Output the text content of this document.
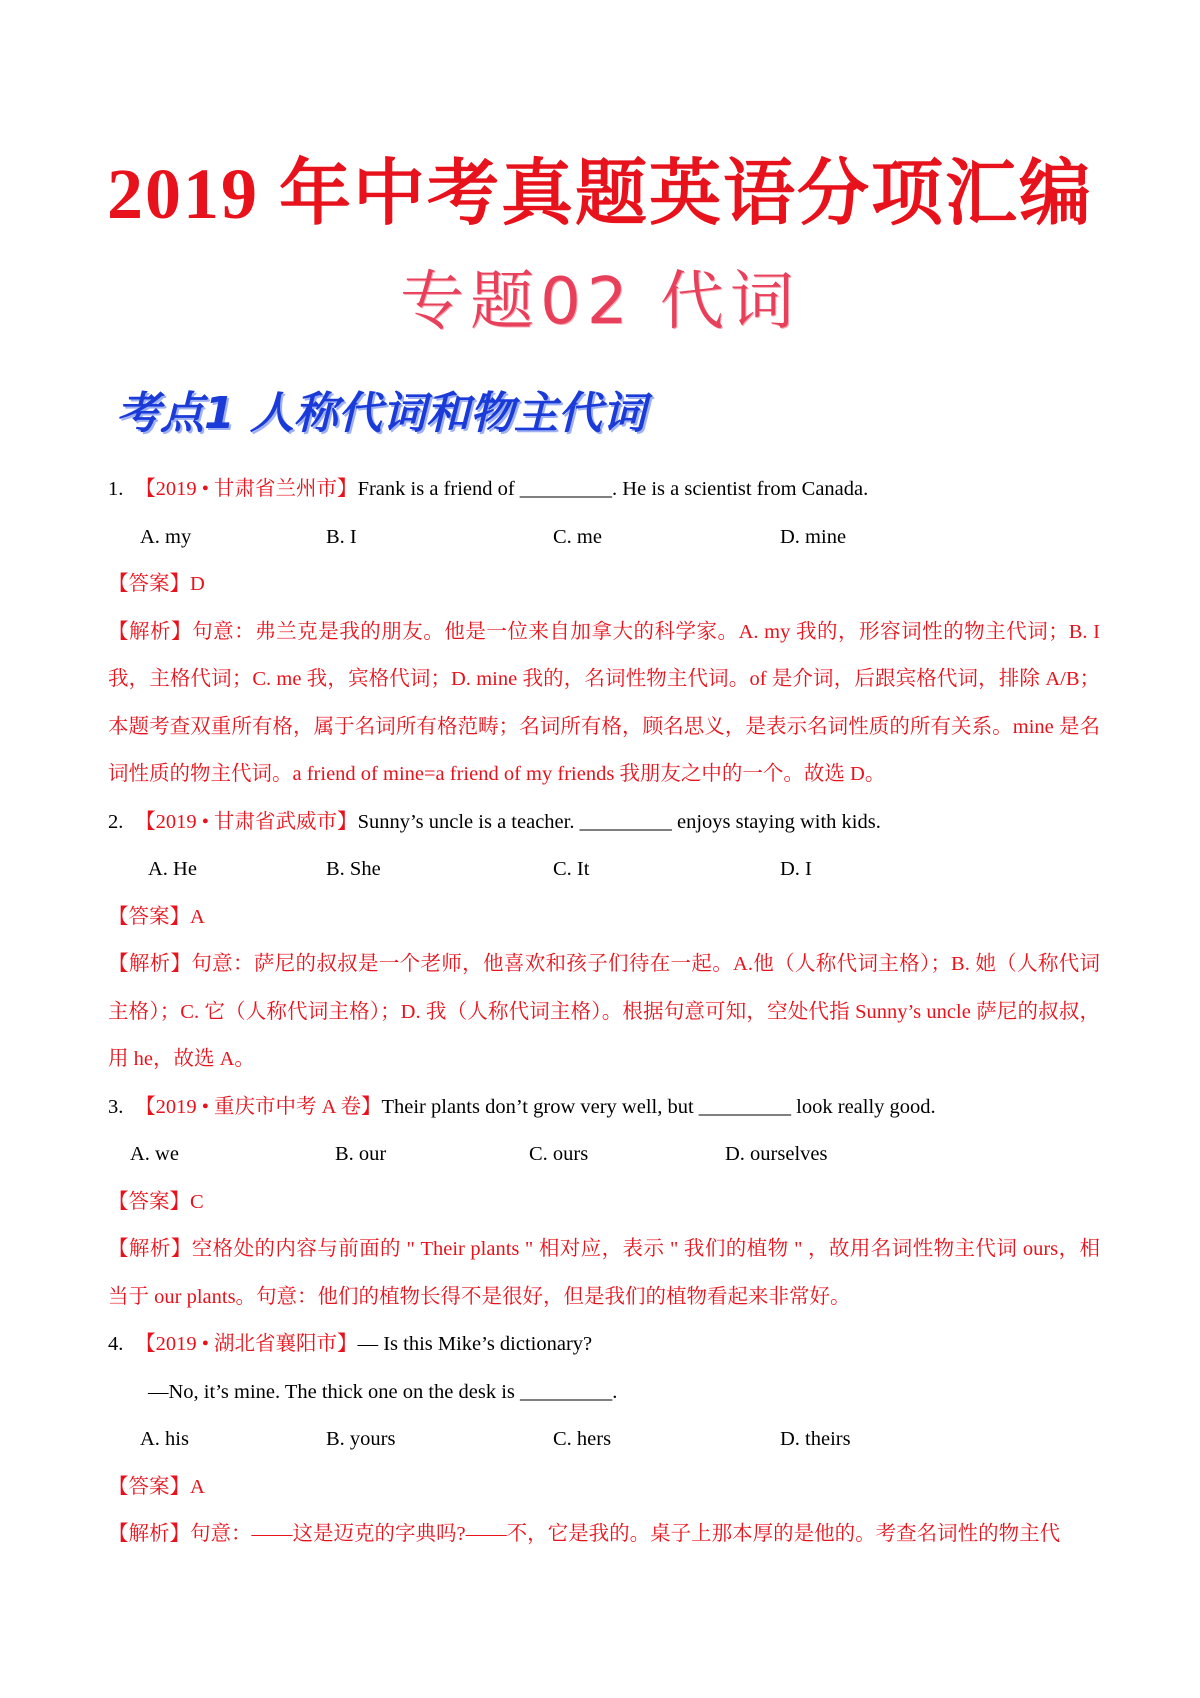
2019 年中考真题英语分项汇编
专题02 代词
考点1 人称代词和物主代词
1. 【2019 • 甘肃省兰州市】Frank is a friend of _________. He is a scientist from Canada.
A. my	B. I	C. me	D. mine
【答案】D
【解析】句意：弗兰克是我的朋友。他是一位来自加拿大的科学家。A. my 我的，形容词性的物主代词；B. I 我，主格代词；C. me 我，宾格代词；D. mine 我的，名词性物主代词。of 是介词，后跟宾格代词，排除 A/B；本题考查双重所有格，属于名词所有格范畴；名词所有格，顾名思义，是表示名词性质的所有关系。mine 是名词性质的物主代词。a friend of mine=a friend of my friends 我朋友之中的一个。故选 D。
2. 【2019 • 甘肃省武威市】Sunny’s uncle is a teacher. _________ enjoys staying with kids.
A. He	B. She	C. It	D. I
【答案】A
【解析】句意：萨尼的叔叔是一个老师，他喜欢和孩子们待在一起。A.他（人称代词主格）；B. 她（人称代词主格）；C. 它（人称代词主格）；D. 我（人称代词主格）。根据句意可知，空处代指 Sunny’s uncle 萨尼的叔叔，用 he，故选 A。
3. 【2019 • 重庆市中考 A 卷】Their plants don’t grow very well, but _________ look really good.
A. we	B. our	C. ours	D. ourselves
【答案】C
【解析】空格处的内容与前面的 " Their plants " 相对应，表示 " 我们的植物 " ，故用名词性物主代词 ours，相当于 our plants。句意：他们的植物长得不是很好，但是我们的植物看起来非常好。
4. 【2019 • 湖北省襄阳市】— Is this Mike’s dictionary?
—No, it’s mine. The thick one on the desk is _________.
A. his	B. yours	C. hers	D. theirs
【答案】A
【解析】句意：——这是迈克的字典吗?——不，它是我的。桌子上那本厚的是他的。考查名词性的物主代
